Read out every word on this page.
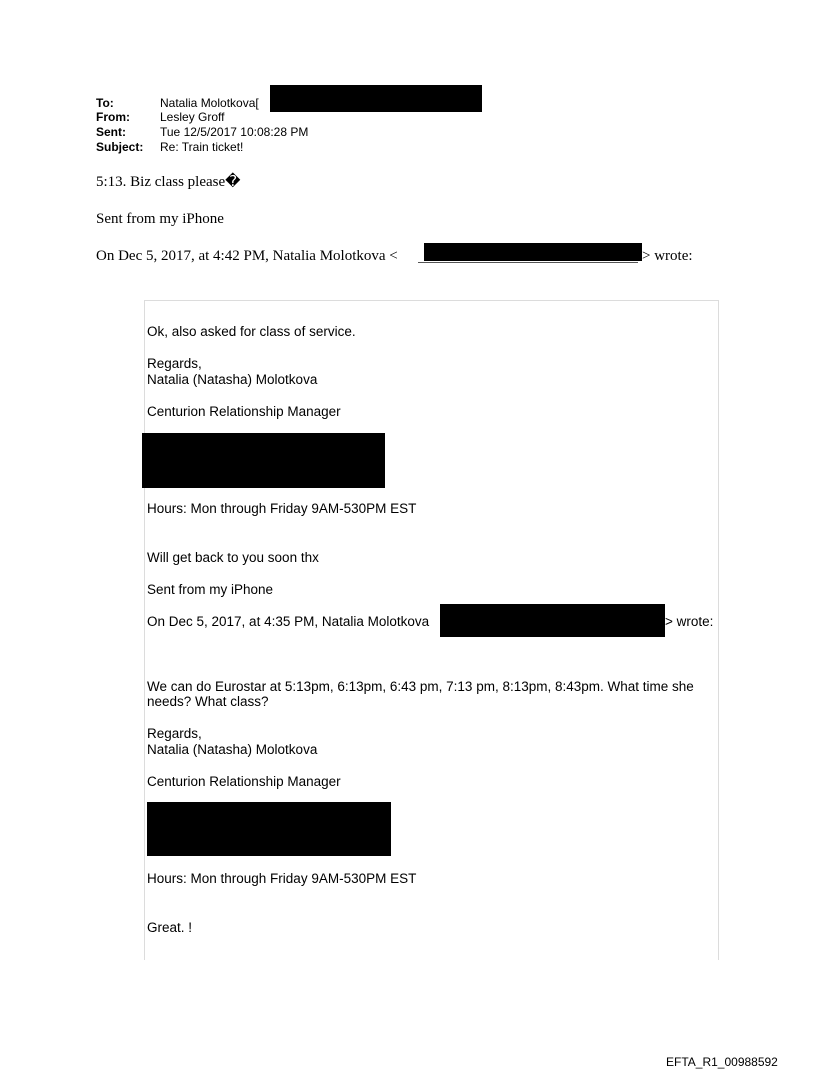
To:	Natalia Molotkova[
From:	Lesley Groff
Sent:	Tue 12/5/2017 10:08:28 PM
Subject: Re: Train ticket!
5:13. Biz class please�
Sent from my iPhone
On Dec 5, 2017, at 4:42 PM, Natalia Molotkova <	> wrote:
Ok, also asked for class of service.
Regards,
Natalia (Natasha) Molotkova
Centurion Relationship Manager
Hours: Mon through Friday 9AM-530PM EST
Will get back to you soon thx
Sent from my iPhone
On Dec 5, 2017, at 4:35 PM, Natalia Molotkova	> wrote:
We can do Eurostar at 5:13pm, 6:13pm, 6:43 pm, 7:13 pm, 8:13pm, 8:43pm. What time she
needs? What class?
Regards,
Natalia (Natasha) Molotkova
Centurion Relationship Manager
Hours: Mon through Friday 9AM-530PM EST
Great. !
EFTA_R1_00988592
